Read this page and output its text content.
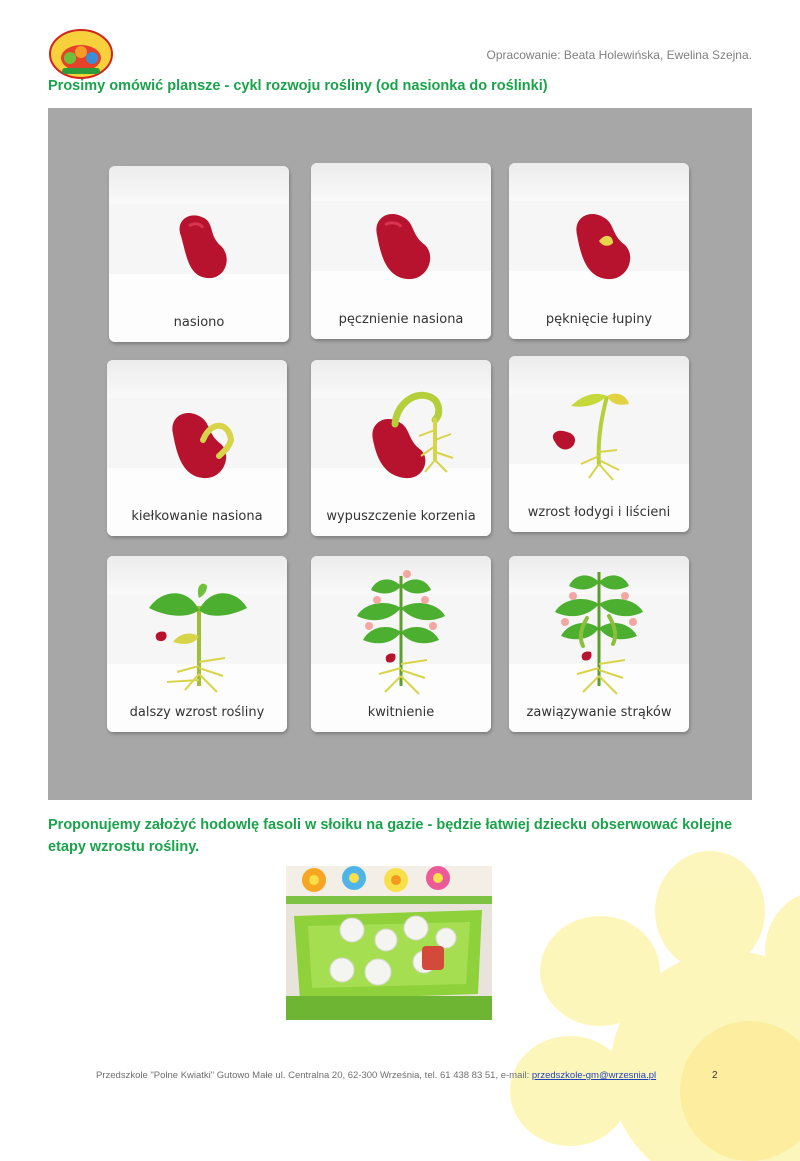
Opracowanie: Beata Holewińska, Ewelina Szejna.
Prosimy omówić plansze - cykl rozwoju rośliny (od nasionka do roślinki)
nasiono	pęcznienie nasiona	pęknięcie łupiny
kiełkowanie nasiona	wypuszczenie korzenia	wzrost łodygi i liścieni
dalszy wzrost rośliny	kwitnienie	zawiązywanie strąków

Proponujemy założyć hodowlę fasoli w słoiku na gazie - będzie łatwiej dziecku obserwować kolejne etapy wzrostu rośliny.

Przedszkole "Polne Kwiatki" Gutowo Małe ul. Centralna 20, 62-300 Września, tel. 61 438 83 51, e-mail: przedszkole-gm@wrzesnia.pl	2
